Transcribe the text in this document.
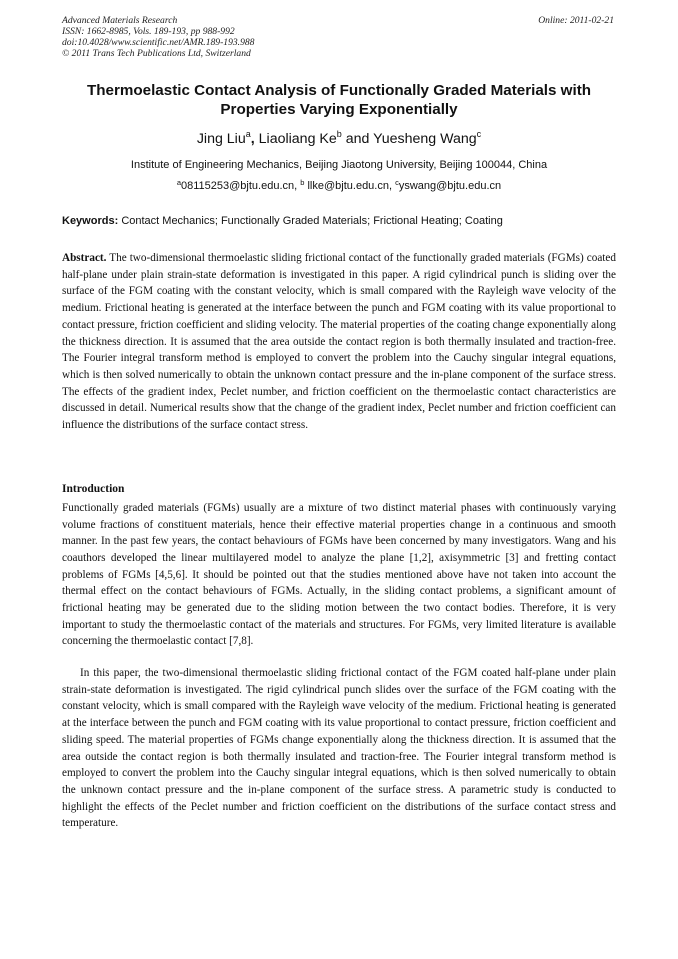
Advanced Materials Research
ISSN: 1662-8985, Vols. 189-193, pp 988-992
doi:10.4028/www.scientific.net/AMR.189-193.988
© 2011 Trans Tech Publications Ltd, Switzerland
Online: 2011-02-21
Thermoelastic Contact Analysis of Functionally Graded Materials with Properties Varying Exponentially
Jing Liu$^a$, Liaoliang Ke$^b$ and Yuesheng Wang$^c$
Institute of Engineering Mechanics, Beijing Jiaotong University, Beijing 100044, China
$^a$08115253@bjtu.edu.cn, $^b$ llke@bjtu.edu.cn, $^c$yswang@bjtu.edu.cn
Keywords: Contact Mechanics; Functionally Graded Materials; Frictional Heating; Coating

Abstract. The two-dimensional thermoelastic sliding frictional contact of the functionally graded materials (FGMs) coated half-plane under plain strain-state deformation is investigated in this paper. A rigid cylindrical punch is sliding over the surface of the FGM coating with the constant velocity, which is small compared with the Rayleigh wave velocity of the medium. Frictional heating is generated at the interface between the punch and FGM coating with its value proportional to contact pressure, friction coefficient and sliding velocity. The material properties of the coating change exponentially along the thickness direction. It is assumed that the area outside the contact region is both thermally insulated and traction-free. The Fourier integral transform method is employed to convert the problem into the Cauchy singular integral equations, which is then solved numerically to obtain the unknown contact pressure and the in-plane component of the surface stress. The effects of the gradient index, Peclet number, and friction coefficient on the thermoelastic contact characteristics are discussed in detail. Numerical results show that the change of the gradient index, Peclet number and friction coefficient can influence the distributions of the surface contact stress.

Introduction

Functionally graded materials (FGMs) usually are a mixture of two distinct material phases with continuously varying volume fractions of constituent materials, hence their effective material properties change in a continuous and smooth manner. In the past few years, the contact behaviours of FGMs have been concerned by many investigators. Wang and his coauthors developed the linear multilayered model to analyze the plane [1,2], axisymmetric [3] and fretting contact problems of FGMs [4,5,6]. It should be pointed out that the studies mentioned above have not taken into account the thermal effect on the contact behaviours of FGMs. Actually, in the sliding contact problems, a significant amount of frictional heating may be generated due to the sliding motion between the two contact bodies. Therefore, it is very important to study the thermoelastic contact of the materials and structures. For FGMs, very limited literature is available concerning the thermoelastic contact [7,8].

In this paper, the two-dimensional thermoelastic sliding frictional contact of the FGM coated half-plane under plain strain-state deformation is investigated. The rigid cylindrical punch slides over the surface of the FGM coating with the constant velocity, which is small compared with the Rayleigh wave velocity of the medium. Frictional heating is generated at the interface between the punch and FGM coating with its value proportional to contact pressure, friction coefficient and sliding speed. The material properties of FGMs change exponentially along the thickness direction. It is assumed that the area outside the contact region is both thermally insulated and traction-free. The Fourier integral transform method is employed to convert the problem into the Cauchy singular integral equations, which is then solved numerically to obtain the unknown contact pressure and the in-plane component of the surface stress. A parametric study is conducted to highlight the effects of the Peclet number and friction coefficient on the distributions of the surface contact stress and temperature.
